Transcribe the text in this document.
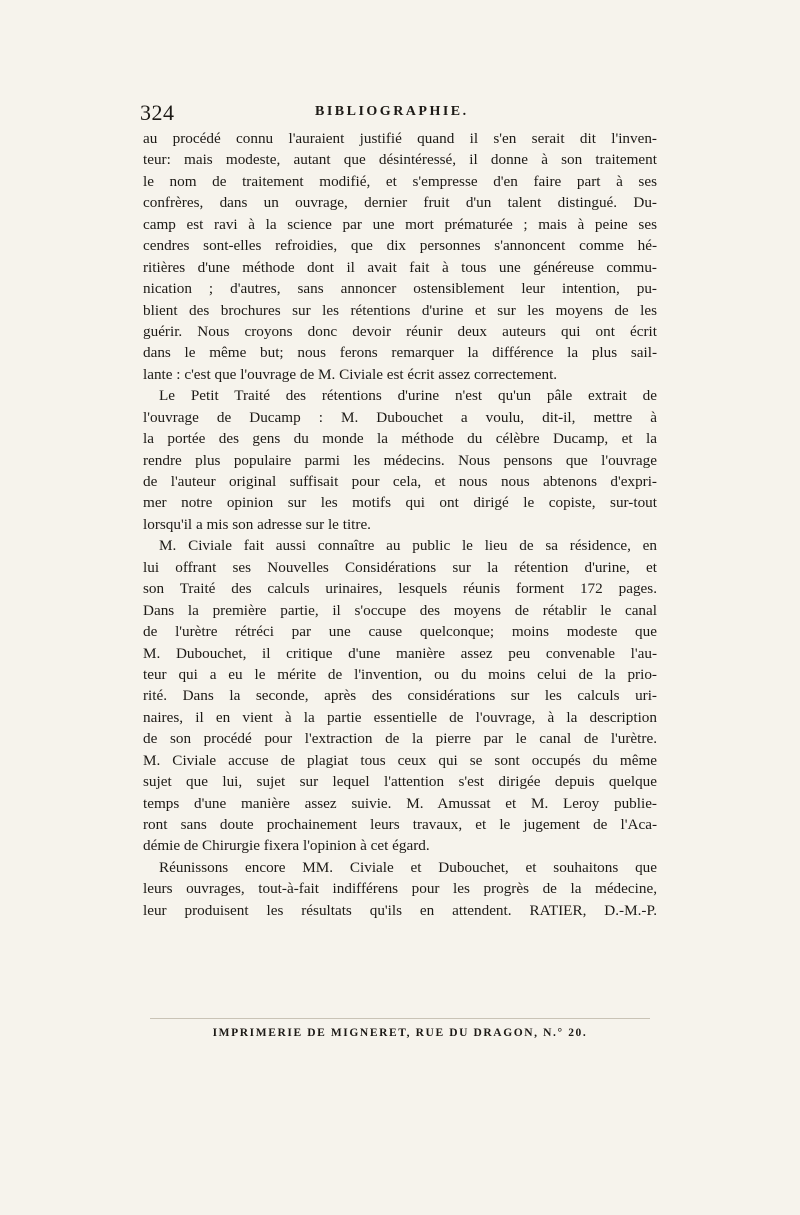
324	BIBLIOGRAPHIE.
au procédé connu l'auraient justifié quand il s'en serait dit l'inven-
teur: mais modeste, autant que désintéressé, il donne à son traitement
le nom de traitement modifié, et s'empresse d'en faire part à ses
confrères, dans un ouvrage, dernier fruit d'un talent distingué. Du-
camp est ravi à la science par une mort prématurée ; mais à peine ses
cendres sont-elles refroidies, que dix personnes s'annoncent comme hé-
ritières d'une méthode dont il avait fait à tous une généreuse commu-
nication ; d'autres, sans annoncer ostensiblement leur intention, pu-
blient des brochures sur les rétentions d'urine et sur les moyens de les
guérir. Nous croyons donc devoir réunir deux auteurs qui ont écrit
dans le même but; nous ferons remarquer la différence la plus sail-
lante : c'est que l'ouvrage de M. Civiale est écrit assez correctement.
Le Petit Traité des rétentions d'urine n'est qu'un pâle extrait de
l'ouvrage de Ducamp : M. Dubouchet a voulu, dit-il, mettre à
la portée des gens du monde la méthode du célèbre Ducamp, et la
rendre plus populaire parmi les médecins. Nous pensons que l'ouvrage
de l'auteur original suffisait pour cela, et nous nous abtenons d'expri-
mer notre opinion sur les motifs qui ont dirigé le copiste, sur-tout
lorsqu'il a mis son adresse sur le titre.
M. Civiale fait aussi connaître au public le lieu de sa résidence, en
lui offrant ses Nouvelles Considérations sur la rétention d'urine, et
son Traité des calculs urinaires, lesquels réunis forment 172 pages.
Dans la première partie, il s'occupe des moyens de rétablir le canal
de l'urètre rétréci par une cause quelconque; moins modeste que
M. Dubouchet, il critique d'une manière assez peu convenable l'au-
teur qui a eu le mérite de l'invention, ou du moins celui de la prio-
rité. Dans la seconde, après des considérations sur les calculs uri-
naires, il en vient à la partie essentielle de l'ouvrage, à la description
de son procédé pour l'extraction de la pierre par le canal de l'urètre.
M. Civiale accuse de plagiat tous ceux qui se sont occupés du même
sujet que lui, sujet sur lequel l'attention s'est dirigée depuis quelque
temps d'une manière assez suivie. M. Amussat et M. Leroy publie-
ront sans doute prochainement leurs travaux, et le jugement de l'Aca-
démie de Chirurgie fixera l'opinion à cet égard.
Réunissons encore MM. Civiale et Dubouchet, et souhaitons que
leurs ouvrages, tout-à-fait indifférens pour les progrès de la médecine,
leur produisent les résultats qu'ils en attendent. RATIER, D.-M.-P.
IMPRIMERIE DE MIGNERET, RUE DU DRAGON, N.° 20.
